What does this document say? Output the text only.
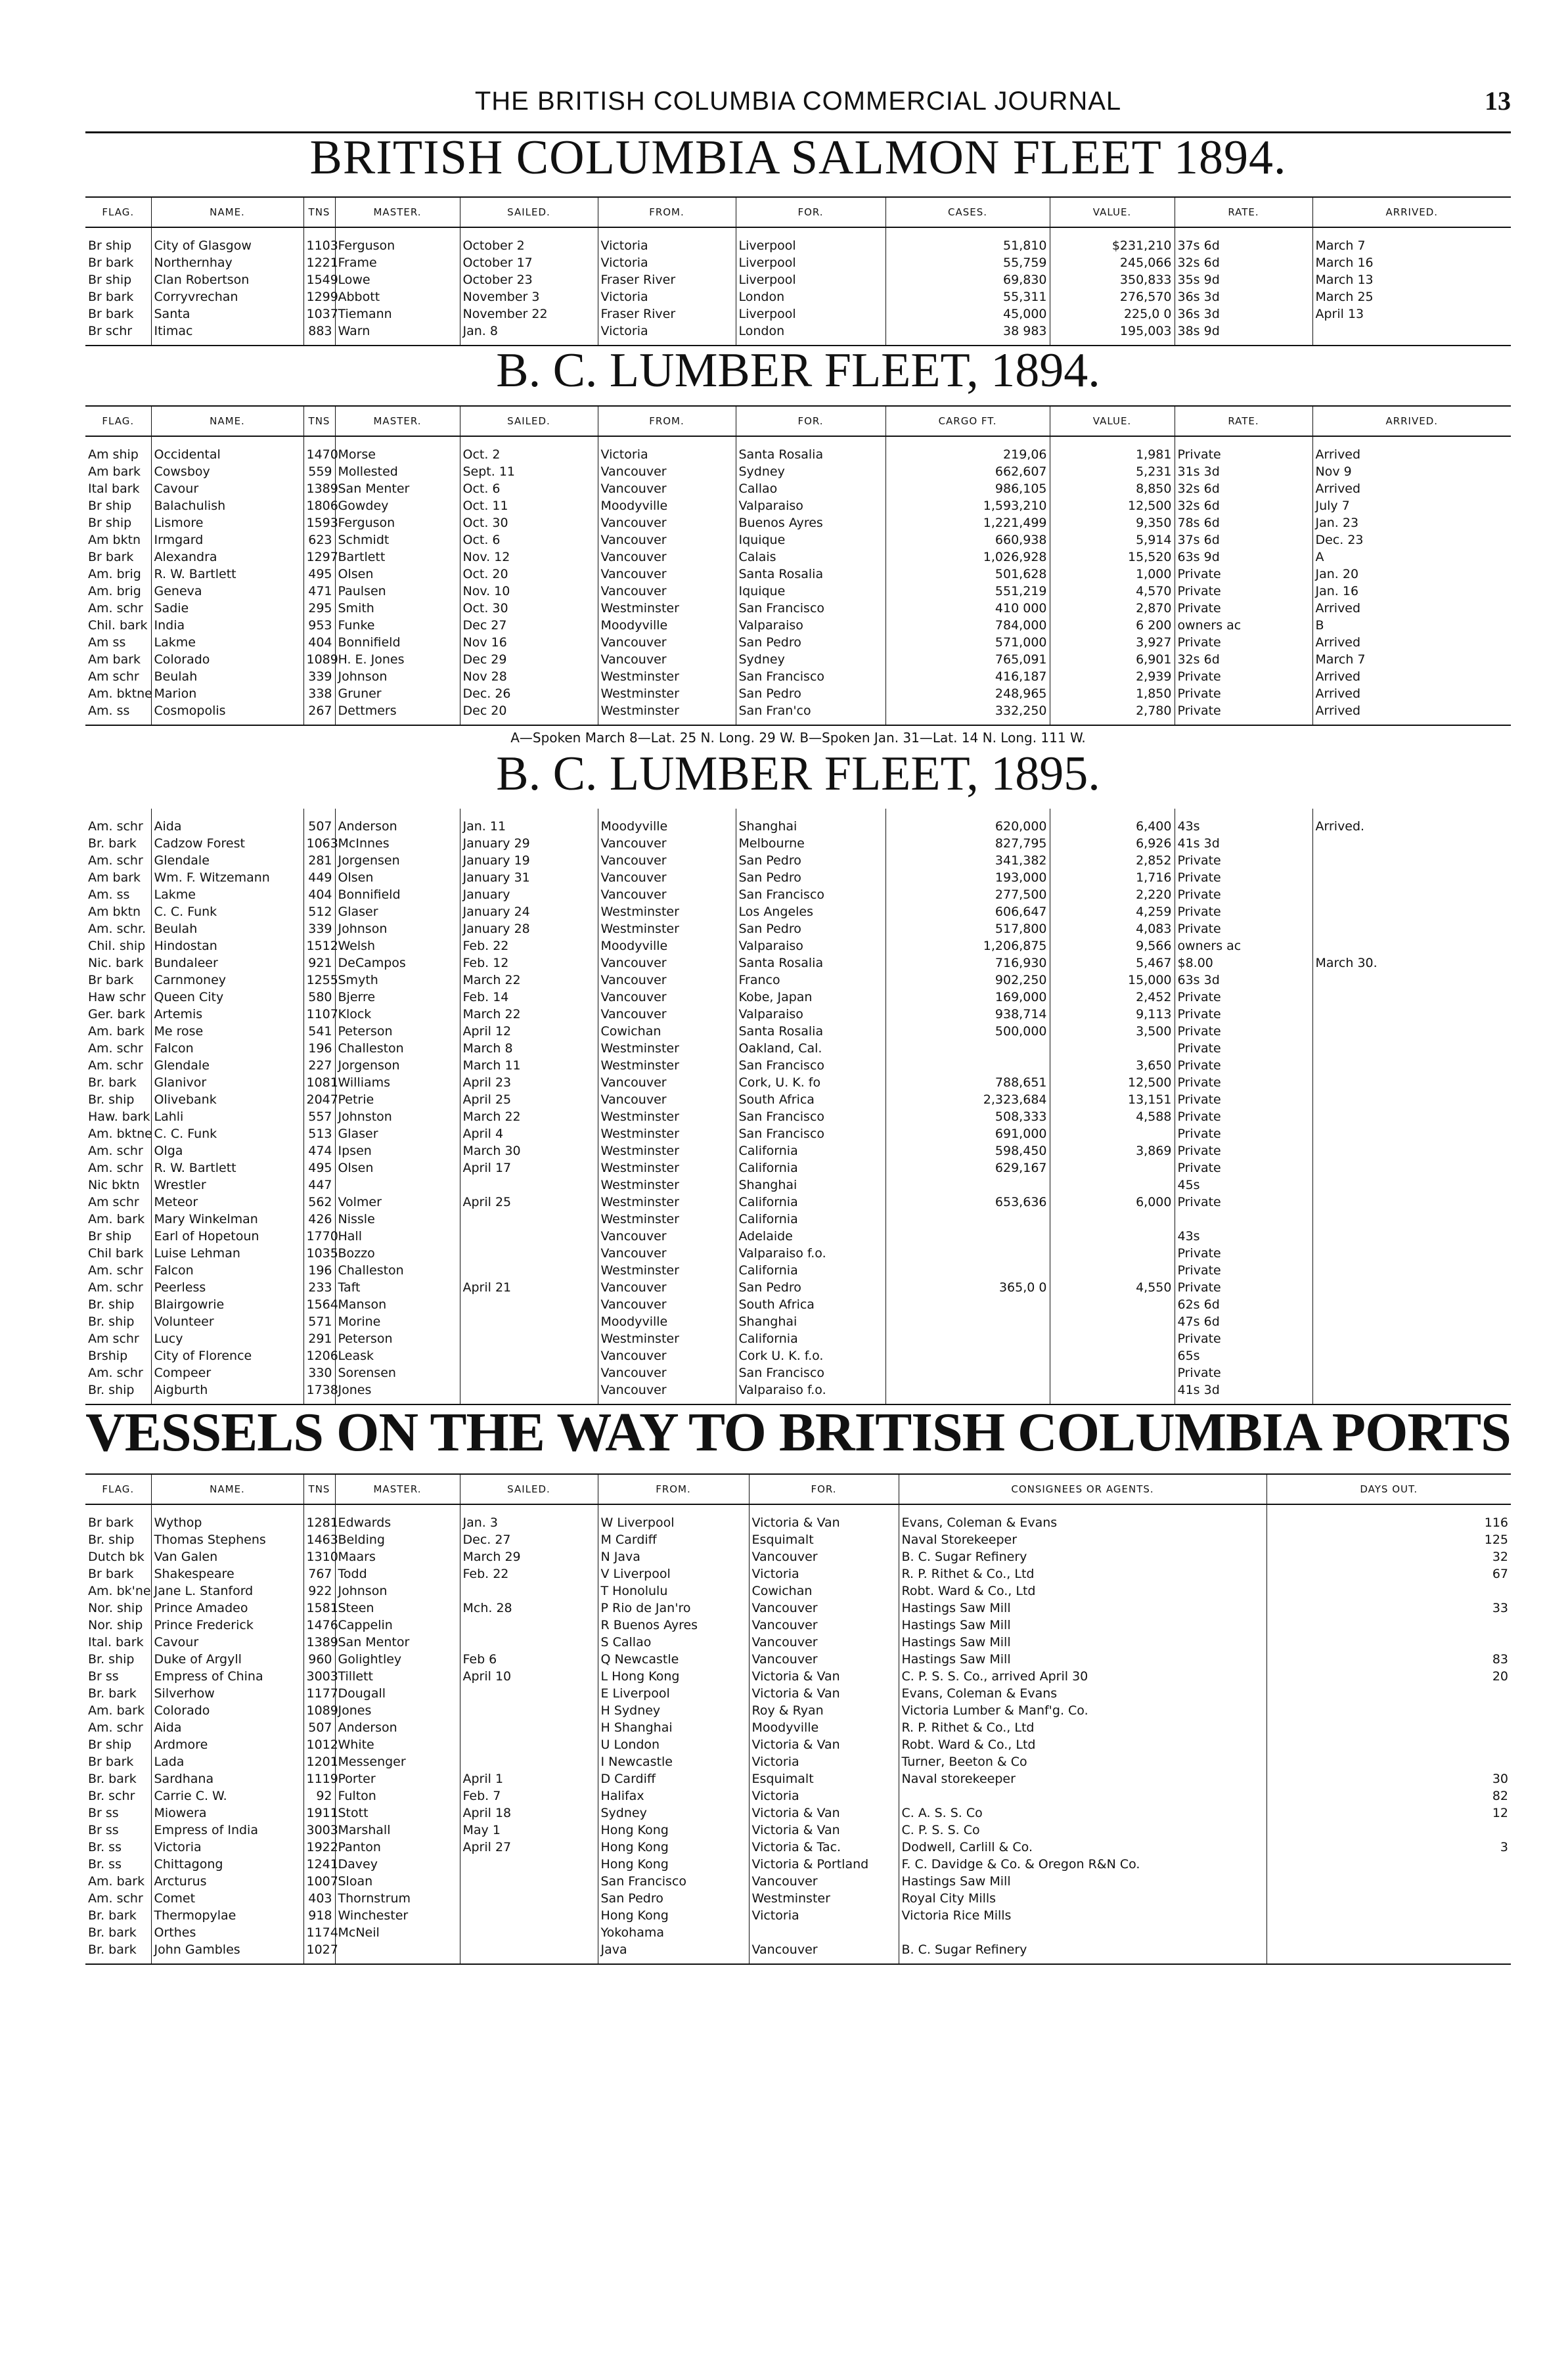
THE BRITISH COLUMBIA COMMERCIAL JOURNAL	13
BRITISH COLUMBIA SALMON FLEET 1894.
FLAG.	NAME.	TNS	MASTER.	SAILED.	FROM.	FOR.	CASES.	VALUE.	RATE.	ARRIVED.
Br ship	City of Glasgow	1103	Ferguson	October 2	Victoria	Liverpool	51,810	$231,210	37s 6d	March 7
Br bark	Northernhay	1221	Frame	October 17	Victoria	Liverpool	55,759	245,066	32s 6d	March 16
Br ship	Clan Robertson	1549	Lowe	October 23	Fraser River	Liverpool	69,830	350,833	35s 9d	March 13
Br bark	Corryvrechan	1299	Abbott	November 3	Victoria	London	55,311	276,570	36s 3d	March 25
Br bark	Santa	1037	Tiemann	November 22	Fraser River	Liverpool	45,000	225,0 0	36s 3d	April 13
Br schr	Itimac	883	Warn	Jan. 8	Victoria	London	38 983	195,003	38s 9d	
B. C. LUMBER FLEET, 1894.
FLAG.	NAME.	TNS	MASTER.	SAILED.	FROM.	FOR.	CARGO FT.	VALUE.	RATE.	ARRIVED.
Am ship	Occidental	1470	Morse	Oct. 2	Victoria	Santa Rosalia	219,06	1,981	Private	Arrived
Am bark	Cowsboy	559	Mollested	Sept. 11	Vancouver	Sydney	662,607	5,231	31s 3d	Nov 9
Ital bark	Cavour	1389	San Menter	Oct. 6	Vancouver	Callao	986,105	8,850	32s 6d	Arrived
Br ship	Balachulish	1806	Gowdey	Oct. 11	Moodyville	Valparaiso	1,593,210	12,500	32s 6d	July 7
Br ship	Lismore	1593	Ferguson	Oct. 30	Vancouver	Buenos Ayres	1,221,499	9,350	78s 6d	Jan. 23
Am bktn	Irmgard	623	Schmidt	Oct. 6	Vancouver	Iquique	660,938	5,914	37s 6d	Dec. 23
Br bark	Alexandra	1297	Bartlett	Nov. 12	Vancouver	Calais	1,026,928	15,520	63s 9d	A
Am. brig	R. W. Bartlett	495	Olsen	Oct. 20	Vancouver	Santa Rosalia	501,628	1,000	Private	Jan. 20
Am. brig	Geneva	471	Paulsen	Nov. 10	Vancouver	Iquique	551,219	4,570	Private	Jan. 16
Am. schr	Sadie	295	Smith	Oct. 30	Westminster	San Francisco	410 000	2,870	Private	Arrived
Chil. bark	India	953	Funke	Dec 27	Moodyville	Valparaiso	784,000	6 200	owners ac	B
Am ss	Lakme	404	Bonnifield	Nov 16	Vancouver	San Pedro	571,000	3,927	Private	Arrived
Am bark	Colorado	1089	H. E. Jones	Dec 29	Vancouver	Sydney	765,091	6,901	32s 6d	March 7
Am schr	Beulah	339	Johnson	Nov 28	Westminster	San Francisco	416,187	2,939	Private	Arrived
Am. bktne	Marion	338	Gruner	Dec. 26	Westminster	San Pedro	248,965	1,850	Private	Arrived
Am. ss	Cosmopolis	267	Dettmers	Dec 20	Westminster	San Fran'co	332,250	2,780	Private	Arrived
A—Spoken March 8—Lat. 25 N. Long. 29 W. B—Spoken Jan. 31—Lat. 14 N. Long. 111 W.
B. C. LUMBER FLEET, 1895.
Am. schr	Aida	507	Anderson	Jan. 11	Moodyville	Shanghai	620,000	6,400	43s	Arrived.
Br. bark	Cadzow Forest	1063	McInnes	January 29	Vancouver	Melbourne	827,795	6,926	41s 3d	
Am. schr	Glendale	281	Jorgensen	January 19	Vancouver	San Pedro	341,382	2,852	Private	
Am bark	Wm. F. Witzemann	449	Olsen	January 31	Vancouver	San Pedro	193,000	1,716	Private	
Am. ss	Lakme	404	Bonnifield	January	Vancouver	San Francisco	277,500	2,220	Private	
Am bktn	C. C. Funk	512	Glaser	January 24	Westminster	Los Angeles	606,647	4,259	Private	
Am. schr.	Beulah	339	Johnson	January 28	Westminster	San Pedro	517,800	4,083	Private	
Chil. ship	Hindostan	1512	Welsh	Feb. 22	Moodyville	Valparaiso	1,206,875	9,566	owners ac	
Nic. bark	Bundaleer	921	DeCampos	Feb. 12	Vancouver	Santa Rosalia	716,930	5,467	$8.00	March 30.
Br bark	Carnmoney	1255	Smyth	March 22	Vancouver	Franco	902,250	15,000	63s 3d	
Haw schr	Queen City	580	Bjerre	Feb. 14	Vancouver	Kobe, Japan	169,000	2,452	Private	
Ger. bark	Artemis	1107	Klock	March 22	Vancouver	Valparaiso	938,714	9,113	Private	
Am. bark	Me rose	541	Peterson	April 12	Cowichan	Santa Rosalia	500,000	3,500	Private	
Am. schr	Falcon	196	Challeston	March 8	Westminster	Oakland, Cal.			Private	
Am. schr	Glendale	227	Jorgenson	March 11	Westminster	San Francisco		3,650	Private	
Br. bark	Glanivor	1081	Williams	April 23	Vancouver	Cork, U. K. fo	788,651	12,500	Private	
Br. ship	Olivebank	2047	Petrie	April 25	Vancouver	South Africa	2,323,684	13,151	Private	
Haw. bark	Lahli	557	Johnston	March 22	Westminster	San Francisco	508,333	4,588	Private	
Am. bktne	C. C. Funk	513	Glaser	April 4	Westminster	San Francisco	691,000		Private	
Am. schr	Olga	474	Ipsen	March 30	Westminster	California	598,450	3,869	Private	
Am. schr	R. W. Bartlett	495	Olsen	April 17	Westminster	California	629,167		Private	
Nic bktn	Wrestler	447			Westminster	Shanghai			45s	
Am schr	Meteor	562	Volmer	April 25	Westminster	California	653,636	6,000	Private	
Am. bark	Mary Winkelman	426	Nissle		Westminster	California				
Br ship	Earl of Hopetoun	1770	Hall		Vancouver	Adelaide			43s	
Chil bark	Luise Lehman	1035	Bozzo		Vancouver	Valparaiso f.o.			Private	
Am. schr	Falcon	196	Challeston		Westminster	California			Private	
Am. schr	Peerless	233	Taft	April 21	Vancouver	San Pedro	365,0 0	4,550	Private	
Br. ship	Blairgowrie	1564	Manson		Vancouver	South Africa			62s 6d	
Br. ship	Volunteer	571	Morine		Moodyville	Shanghai			47s 6d	
Am schr	Lucy	291	Peterson		Westminster	California			Private	
Brship	City of Florence	1206	Leask		Vancouver	Cork U. K. f.o.			65s	
Am. schr	Compeer	330	Sorensen		Vancouver	San Francisco			Private	
Br. ship	Aigburth	1738	Jones		Vancouver	Valparaiso f.o.			41s 3d	
VESSELS ON THE WAY TO BRITISH COLUMBIA PORTS
FLAG.	NAME.	TNS	MASTER.	SAILED.	FROM.	FOR.	CONSIGNEES OR AGENTS.	DAYS OUT.
Br bark	Wythop	1281	Edwards	Jan. 3	W Liverpool	Victoria & Van	Evans, Coleman & Evans	116
Br. ship	Thomas Stephens	1463	Belding	Dec. 27	M Cardiff	Esquimalt	Naval Storekeeper	125
Dutch bk	Van Galen	1310	Maars	March 29	N Java	Vancouver	B. C. Sugar Refinery	32
Br bark	Shakespeare	767	Todd	Feb. 22	V Liverpool	Victoria	R. P. Rithet & Co., Ltd	67
Am. bk'ne	Jane L. Stanford	922	Johnson		T Honolulu	Cowichan	Robt. Ward & Co., Ltd	
Nor. ship	Prince Amadeo	1581	Steen	Mch. 28	P Rio de Jan'ro	Vancouver	Hastings Saw Mill	33
Nor. ship	Prince Frederick	1476	Cappelin		R Buenos Ayres	Vancouver	Hastings Saw Mill	
Ital. bark	Cavour	1389	San Mentor		S Callao	Vancouver	Hastings Saw Mill	
Br. ship	Duke of Argyll	960	Golightley	Feb 6	Q Newcastle	Vancouver	Hastings Saw Mill	83
Br ss	Empress of China	3003	Tillett	April 10	L Hong Kong	Victoria & Van	C. P. S. S. Co., arrived April 30	20
Br. bark	Silverhow	1177	Dougall		E Liverpool	Victoria & Van	Evans, Coleman & Evans	
Am. bark	Colorado	1089	Jones		H Sydney	Roy & Ryan	Victoria Lumber & Manf'g. Co.	
Am. schr	Aida	507	Anderson		H Shanghai	Moodyville	R. P. Rithet & Co., Ltd	
Br ship	Ardmore	1012	White		U London	Victoria & Van	Robt. Ward & Co., Ltd	
Br bark	Lada	1201	Messenger		I Newcastle	Victoria	Turner, Beeton & Co	
Br. bark	Sardhana	1119	Porter	April 1	D Cardiff	Esquimalt	Naval storekeeper	30
Br. schr	Carrie C. W.	92	Fulton	Feb. 7	Halifax	Victoria		82
Br ss	Miowera	1911	Stott	April 18	Sydney	Victoria & Van	C. A. S. S. Co	12
Br ss	Empress of India	3003	Marshall	May 1	Hong Kong	Victoria & Van	C. P. S. S. Co	
Br. ss	Victoria	1922	Panton	April 27	Hong Kong	Victoria & Tac.	Dodwell, Carlill & Co.	3
Br. ss	Chittagong	1241	Davey		Hong Kong	Victoria & Portland	F. C. Davidge & Co. & Oregon R&N Co.	
Am. bark	Arcturus	1007	Sloan		San Francisco	Vancouver	Hastings Saw Mill	
Am. schr	Comet	403	Thornstrum		San Pedro	Westminster	Royal City Mills	
Br. bark	Thermopylae	918	Winchester		Hong Kong	Victoria	Victoria Rice Mills	
Br. bark	Orthes	1174	McNeil		Yokohama			
Br. bark	John Gambles	1027			Java	Vancouver	B. C. Sugar Refinery	
